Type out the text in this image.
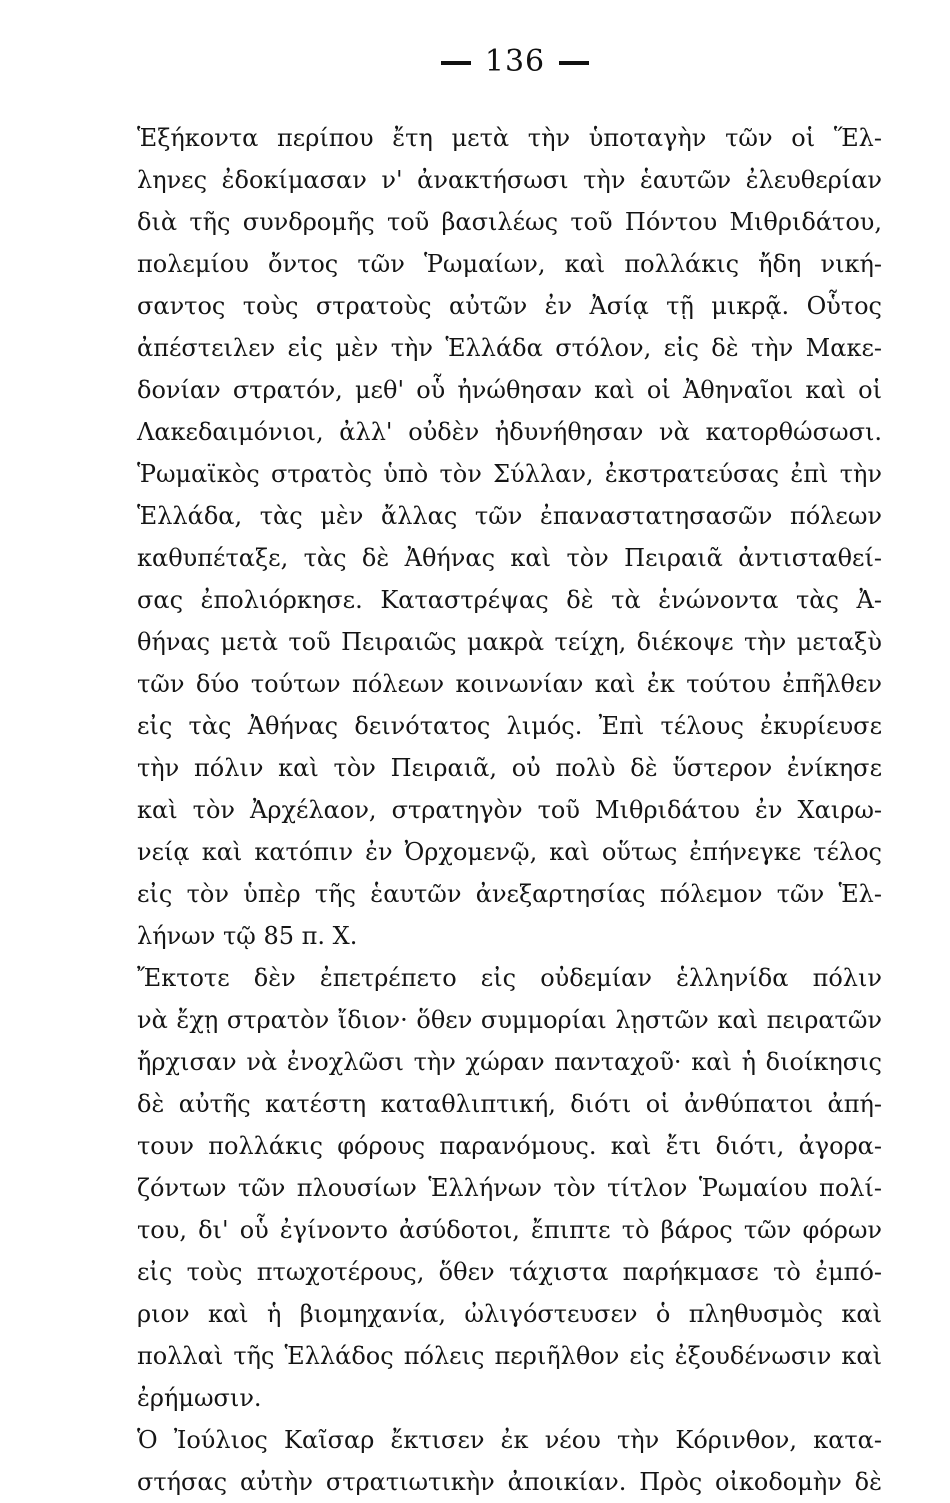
136
Ἑξήκοντα περίπου ἔτη μετὰ τὴν ὑποταγὴν τῶν οἱ Ἕλ-
ληνες ἐδοκίμασαν ν' ἀνακτήσωσι τὴν ἑαυτῶν ἐλευθερίαν
διὰ τῆς συνδρομῆς τοῦ βασιλέως τοῦ Πόντου Μιθριδάτου,
πολεμίου ὄντος τῶν Ῥωμαίων, καὶ πολλάκις ἤδη νική-
σαντος τοὺς στρατοὺς αὐτῶν ἐν Ἀσίᾳ τῇ μικρᾷ. Οὗτος
ἀπέστειλεν εἰς μὲν τὴν Ἑλλάδα στόλον, εἰς δὲ τὴν Μακε-
δονίαν στρατόν, μεθ' οὗ ἠνώθησαν καὶ οἱ Ἀθηναῖοι καὶ οἱ
Λακεδαιμόνιοι, ἀλλ' οὐδὲν ἠδυνήθησαν νὰ κατορθώσωσι.
Ῥωμαϊκὸς στρατὸς ὑπὸ τὸν Σύλλαν, ἐκστρατεύσας ἐπὶ τὴν
Ἑλλάδα, τὰς μὲν ἄλλας τῶν ἐπαναστατησασῶν πόλεων
καθυπέταξε, τὰς δὲ Ἀθήνας καὶ τὸν Πειραιᾶ ἀντισταθεί-
σας ἐπολιόρκησε. Καταστρέψας δὲ τὰ ἑνώνοντα τὰς Ἀ-
θήνας μετὰ τοῦ Πειραιῶς μακρὰ τείχη, διέκοψε τὴν μεταξὺ
τῶν δύο τούτων πόλεων κοινωνίαν καὶ ἐκ τούτου ἐπῆλθεν
εἰς τὰς Ἀθήνας δεινότατος λιμός. Ἐπὶ τέλους ἐκυρίευσε
τὴν πόλιν καὶ τὸν Πειραιᾶ, οὐ πολὺ δὲ ὕστερον ἐνίκησε
καὶ τὸν Ἀρχέλαον, στρατηγὸν τοῦ Μιθριδάτου ἐν Χαιρω-
νείᾳ καὶ κατόπιν ἐν Ὀρχομενῷ, καὶ οὕτως ἐπήνεγκε τέλος
εἰς τὸν ὑπὲρ τῆς ἑαυτῶν ἀνεξαρτησίας πόλεμον τῶν Ἑλ-
λήνων τῷ 85 π. Χ.
Ἔκτοτε δὲν ἐπετρέπετο εἰς οὐδεμίαν ἑλληνίδα πόλιν
νὰ ἔχῃ στρατὸν ἴδιον· ὅθεν συμμορίαι λῃστῶν καὶ πειρατῶν
ἤρχισαν νὰ ἐνοχλῶσι τὴν χώραν πανταχοῦ· καὶ ἡ διοίκησις
δὲ αὐτῆς κατέστη καταθλιπτική, διότι οἱ ἀνθύπατοι ἀπή-
τουν πολλάκις φόρους παρανόμους. καὶ ἔτι διότι, ἀγορα-
ζόντων τῶν πλουσίων Ἑλλήνων τὸν τίτλον Ῥωμαίου πολί-
του, δι' οὗ ἐγίνοντο ἀσύδοτοι, ἔπιπτε τὸ βάρος τῶν φόρων
εἰς τοὺς πτωχοτέρους, ὅθεν τάχιστα παρήκμασε τὸ ἐμπό-
ριον καὶ ἡ βιομηχανία, ὠλιγόστευσεν ὁ πληθυσμὸς καὶ
πολλαὶ τῆς Ἑλλάδος πόλεις περιῆλθον εἰς ἐξουδένωσιν καὶ
ἐρήμωσιν.
Ὁ Ἰούλιος Καῖσαρ ἔκτισεν ἐκ νέου τὴν Κόρινθον, κατα-
στήσας αὐτὴν στρατιωτικὴν ἀποικίαν. Πρὸς οἰκοδομὴν δὲ
